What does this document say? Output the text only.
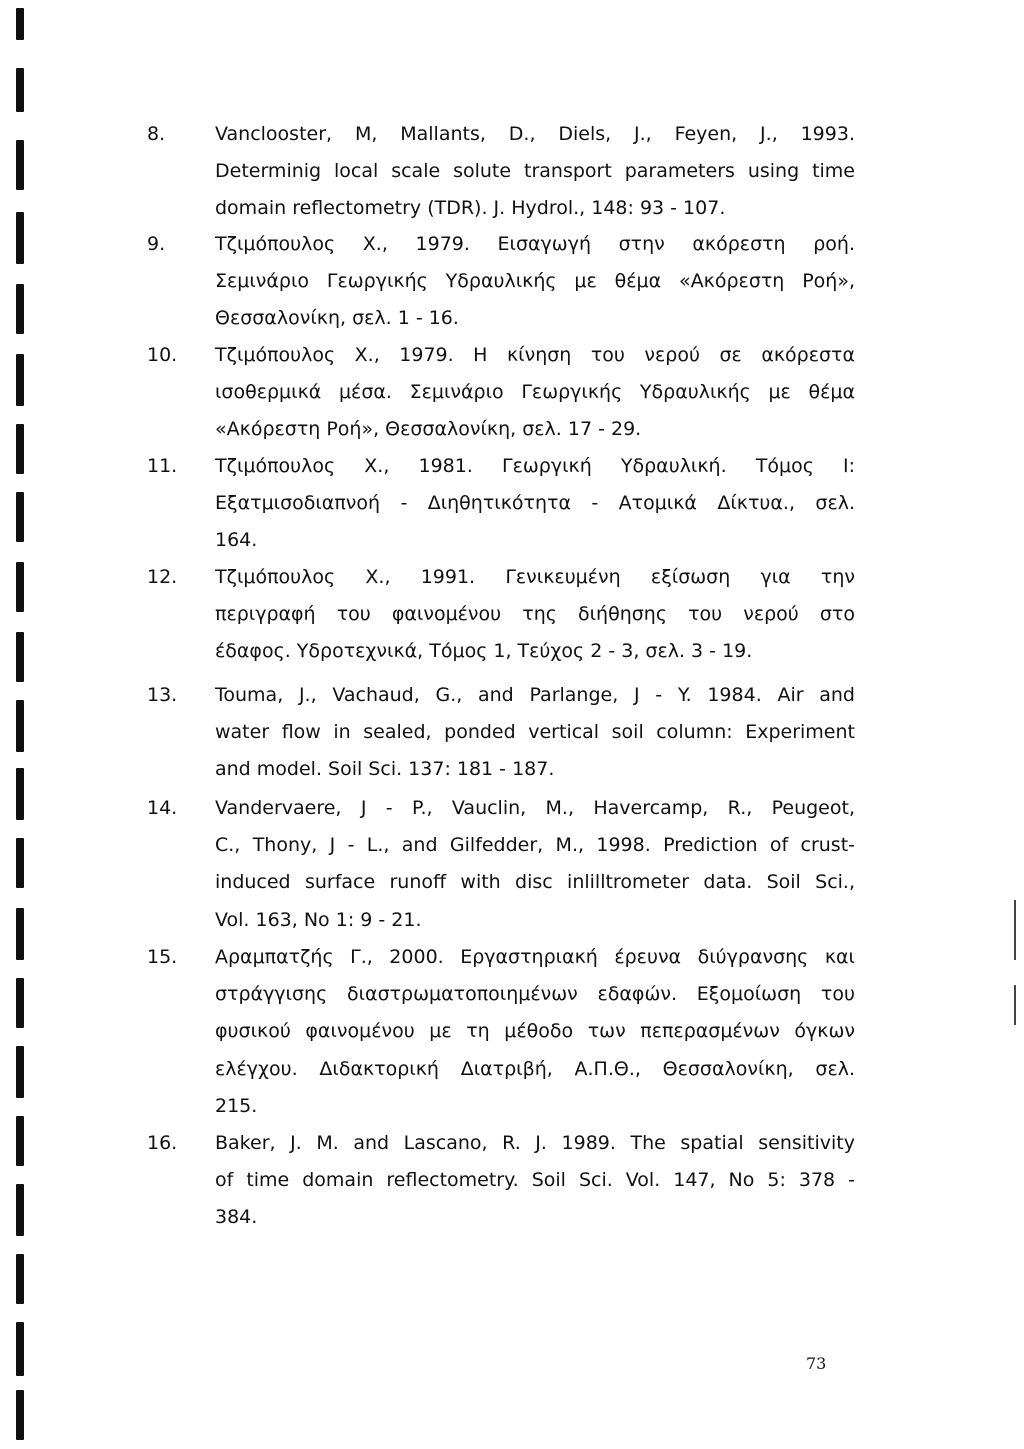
8.	Vanclooster, M, Mallants, D., Diels, J., Feyen, J., 1993.
Determinig local scale solute transport parameters using time
domain reflectometry (TDR). J. Hydrol., 148: 93 - 107.
9.	Τζιμόπουλος Χ., 1979. Εισαγωγή στην ακόρεστη ροή.
Σεμινάριο Γεωργικής Υδραυλικής με θέμα «Ακόρεστη Ροή»,
Θεσσαλονίκη, σελ. 1 - 16.
10. Τζιμόπουλος Χ., 1979. Η κίνηση του νερού σε ακόρεστα
ισοθερμικά μέσα. Σεμινάριο Γεωργικής Υδραυλικής με θέμα
«Ακόρεστη Ροή», Θεσσαλονίκη, σελ. 17 - 29.
11. Τζιμόπουλος Χ., 1981. Γεωργική Υδραυλική. Τόμος Ι:
Εξατμισοδιαπνοή - Διηθητικότητα - Ατομικά Δίκτυα., σελ.
164.
12. Τζιμόπουλος Χ., 1991. Γενικευμένη εξίσωση για την
περιγραφή του φαινομένου της διήθησης του νερού στο
έδαφος. Υδροτεχνικά, Τόμος 1, Τεύχος 2 - 3, σελ. 3 - 19.
13. Touma, J., Vachaud, G., and Parlange, J - Y. 1984. Air and
water flow in sealed, ponded vertical soil column: Experiment
and model. Soil Sci. 137: 181 - 187.
14. Vandervaere, J - P., Vauclin, M., Havercamp, R., Peugeot,
C., Thony, J - L., and Gilfedder, M., 1998. Prediction of crust-
induced surface runoff with disc inlilltrometer data. Soil Sci.,
Vol. 163, No 1: 9 - 21.
15. Αραμπατζής Γ., 2000. Εργαστηριακή έρευνα διύγρανσης και
στράγγισης διαστρωματοποιημένων εδαφών. Εξομοίωση του
φυσικού φαινομένου με τη μέθοδο των πεπερασμένων όγκων
ελέγχου. Διδακτορική Διατριβή, Α.Π.Θ., Θεσσαλονίκη, σελ.
215.
16. Baker, J. M. and Lascano, R. J. 1989. The spatial sensitivity
of time domain reflectometry. Soil Sci. Vol. 147, No 5: 378 -
384.
73
